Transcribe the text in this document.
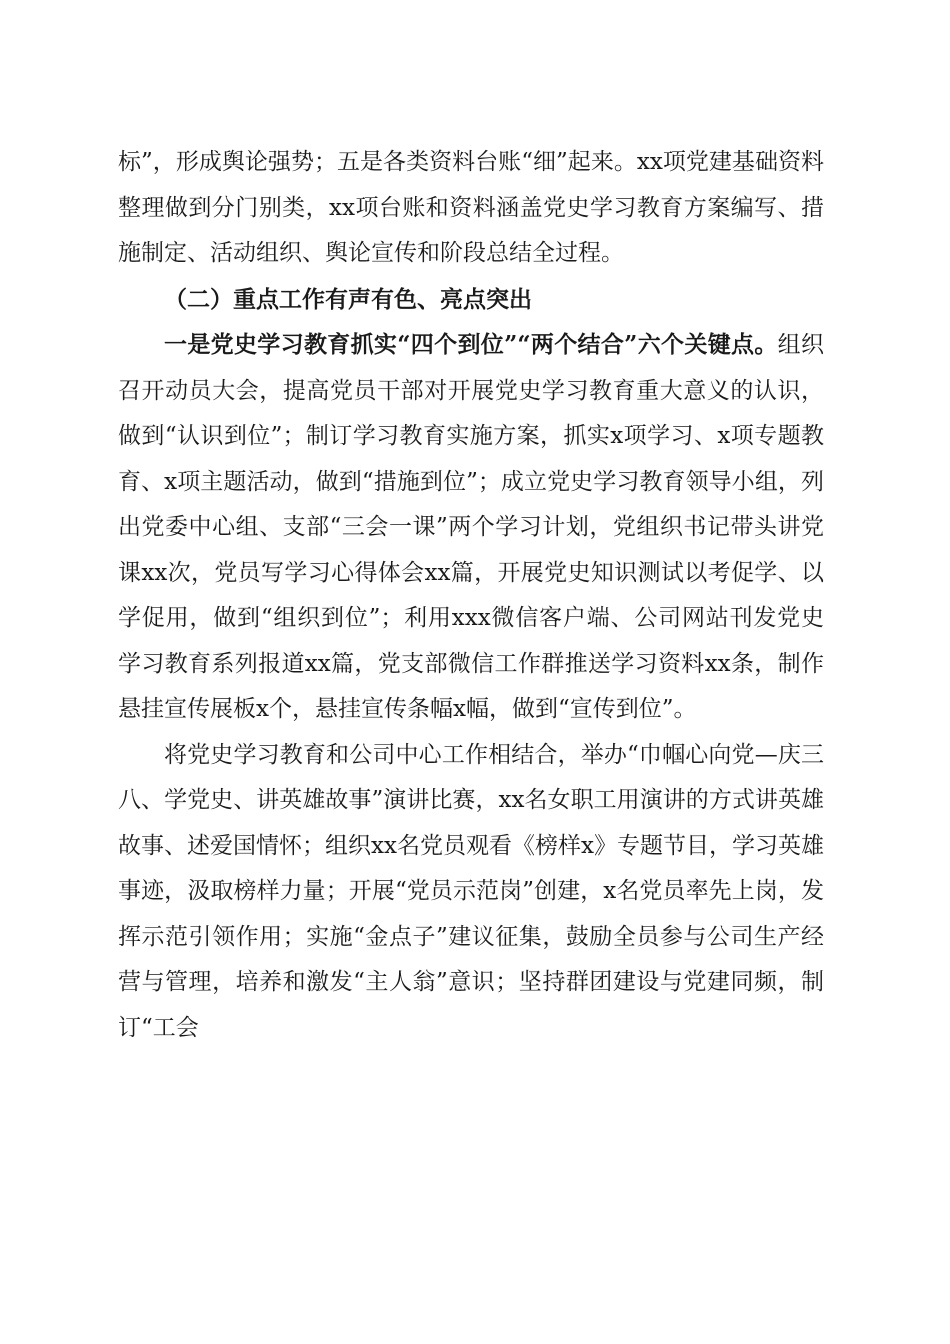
标”，形成舆论强势；五是各类资料台账“细”起来。xx项党建基础资料整理做到分门别类，xx项台账和资料涵盖党史学习教育方案编写、措施制定、活动组织、舆论宣传和阶段总结全过程。

（二）重点工作有声有色、亮点突出

一是党史学习教育抓实“四个到位”“两个结合”六个关键点。组织召开动员大会，提高党员干部对开展党史学习教育重大意义的认识，做到“认识到位”；制订学习教育实施方案，抓实x项学习、x项专题教育、x项主题活动，做到“措施到位”；成立党史学习教育领导小组，列出党委中心组、支部“三会一课”两个学习计划，党组织书记带头讲党课xx次，党员写学习心得体会xx篇，开展党史知识测试以考促学、以学促用，做到“组织到位”；利用xxx微信客户端、公司网站刊发党史学习教育系列报道xx篇，党支部微信工作群推送学习资料xx条，制作悬挂宣传展板x个，悬挂宣传条幅x幅，做到“宣传到位”。

将党史学习教育和公司中心工作相结合，举办“巾帼心向党—庆三八、学党史、讲英雄故事”演讲比赛，xx名女职工用演讲的方式讲英雄故事、述爱国情怀；组织xx名党员观看《榜样x》专题节目，学习英雄事迹，汲取榜样力量；开展“党员示范岗”创建，x名党员率先上岗，发挥示范引领作用；实施“金点子”建议征集，鼓励全员参与公司生产经营与管理，培养和激发“主人翁”意识；坚持群团建设与党建同频，制订“工会
